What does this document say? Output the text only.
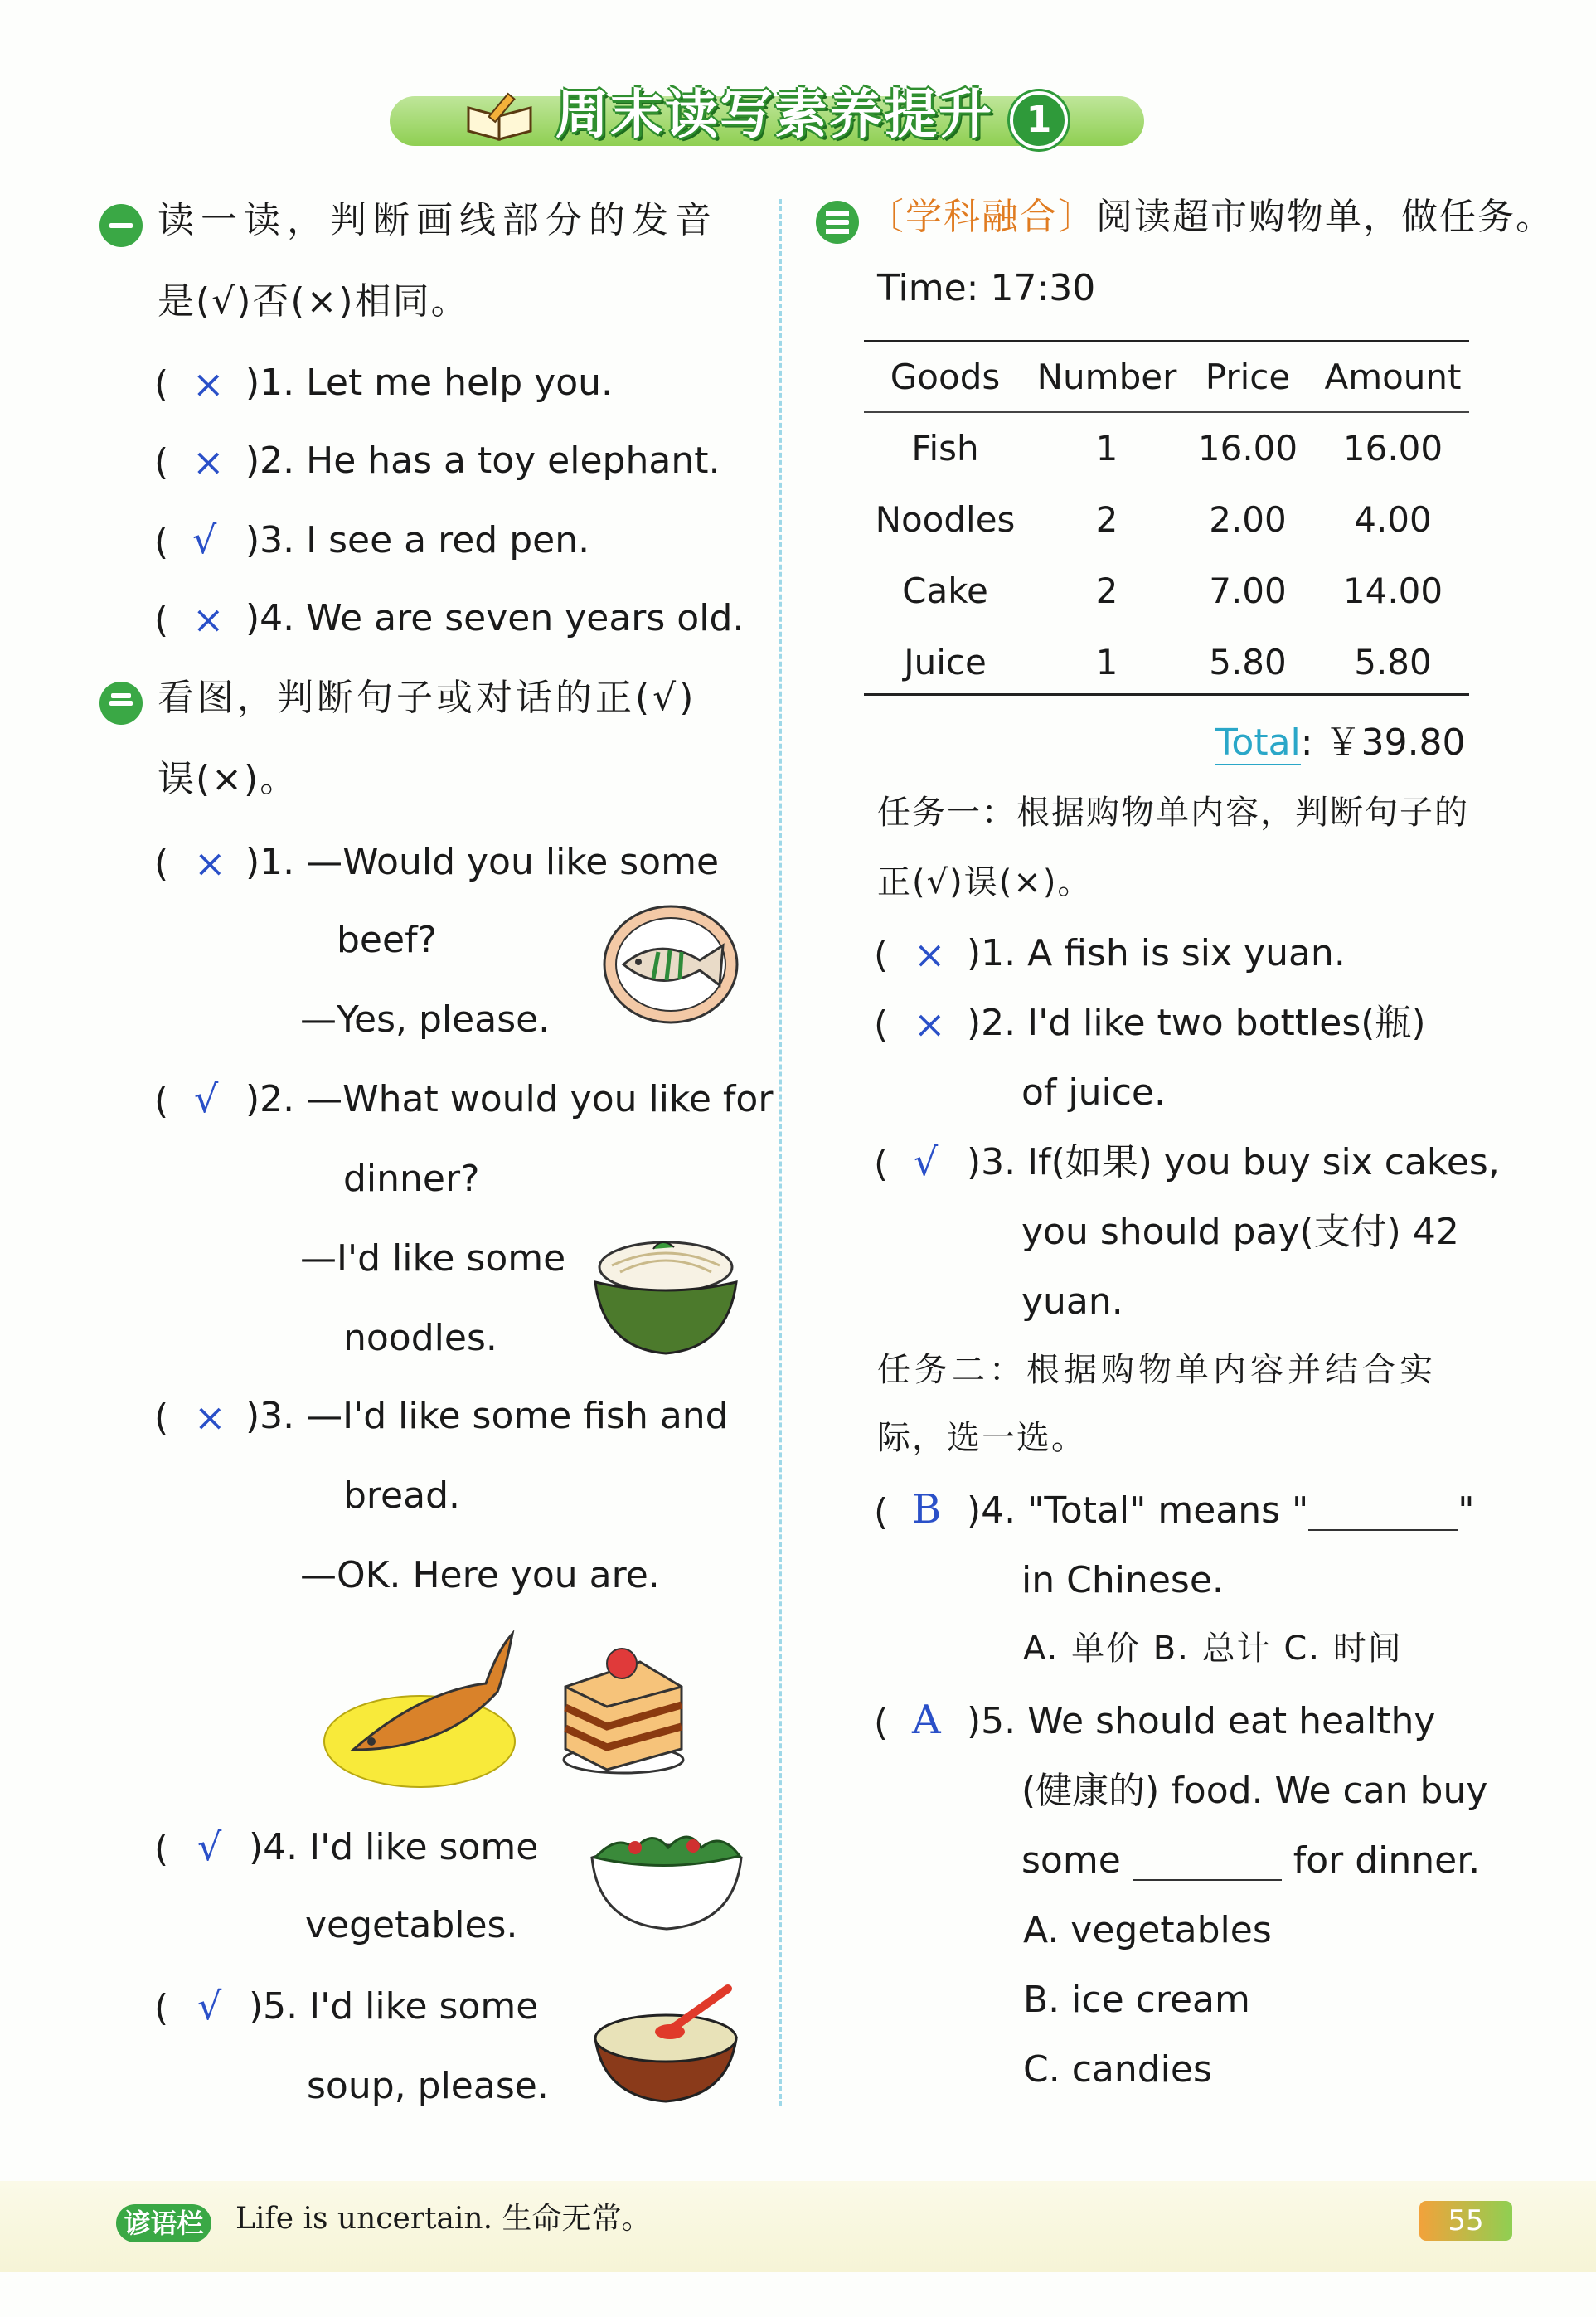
周末读写素养提升 1
读一读，判断画线部分的发音
是(√)否(×)相同。
( × )1. Let me help you.
( × )2. He has a toy elephant.
( √ )3. I see a red pen.
( × )4. We are seven years old.
看图，判断句子或对话的正(√)
误(×)。
( × )1. —Would you like some
beef?
—Yes, please.
( √ )2. —What would you like for
dinner?
—I'd like some
noodles.
( × )3. —I'd like some fish and
bread.
—OK. Here you are.
( √ )4. I'd like some
vegetables.
( √ )5. I'd like some
soup, please.
〔学科融合〕阅读超市购物单，做任务。
Time: 17:30
Goods	Number Price Amount
Fish	1	16.00	16.00
Noodles	2	2.00	4.00
Cake	2	7.00	14.00
Juice	1	5.80	5.80
Total: ￥39.80
任务一：根据购物单内容，判断句子的
正(√)误(×)。
( × )1. A fish is six yuan.
( × )2. I'd like two bottles(瓶)
of juice.
( √ )3. If(如果) you buy six cakes,
you should pay(支付) 42
yuan.
任务二：根据购物单内容并结合实
际，选一选。
( B )4. "Total" means "	"
in Chinese.
A. 单价 B. 总计 C. 时间
( A )5. We should eat healthy
(健康的) food. We can buy
some	for dinner.
A. vegetables
B. ice cream
C. candies
谚语栏 Life is uncertain. 生命无常。	55
